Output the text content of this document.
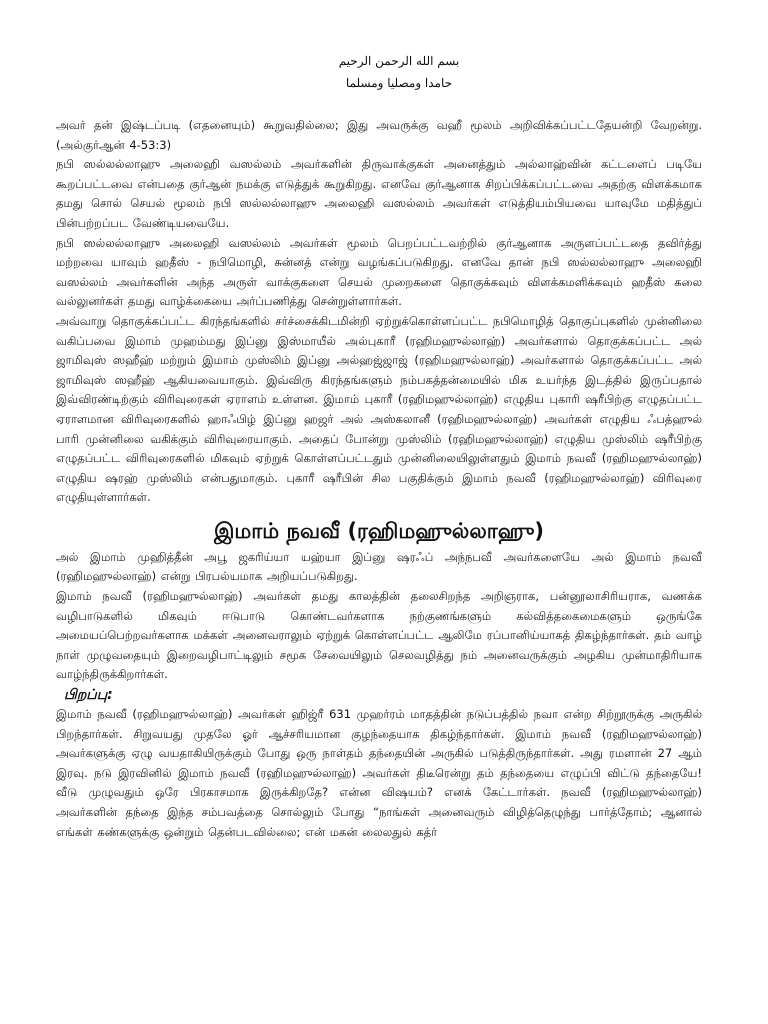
بسم الله الرحمن الرحيم
حامدا ومصليا ومسلما

அவர் தன் இஷ்டப்படி (எதனையும்) கூறுவதில்லை; இது அவருக்கு வஹீ மூலம் அறிவிக்கப்பட்டதேயன்றி வேறன்று. (அல்குர்ஆன் 4-53:3)

நபி ஸல்லல்லாஹு அலைஹி வஸல்லம் அவர்களின் திருவாக்குகள் அனைத்தும் அல்லாஹ்வின் கட்டளைப் படியே கூறப்பட்டவை என்பதை குர்ஆன் நமக்கு எடுத்துக் கூறுகிறது. எனவே குர்ஆனாக சிறப்பிக்கப்பட்டவை அதற்கு விளக்கமாக தமது சொல் செயல் மூலம் நபி ஸல்லல்லாஹு அலைஹி வஸல்லம் அவர்கள் எடுத்தியம்பியவை யாவுமே மதித்துப் பின்பற்றப்பட வேண்டியவையே.

நபி ஸல்லல்லாஹு அலைஹி வஸல்லம் அவர்கள் மூலம் பெறப்பட்டவற்றில் குர்ஆனாக அருளப்பட்டதை தவிர்த்து மற்றவை யாவும் ஹதீஸ் - நபிமொழி, சுன்னத் என்று வழங்கப்படுகிறது. எனவே தான் நபி ஸல்லல்லாஹு அலைஹி வஸல்லம் அவர்களின் அந்த அருள் வாக்குகளை செயல் முறைகளை தொகுக்கவும் விளக்கமளிக்கவும் ஹதீஸ் கலை வல்லுனர்கள் தமது வாழ்க்கையை அர்ப்பணித்து சென்றுள்ளார்கள்.

அவ்வாறு தொகுக்கப்பட்ட கிரந்தங்களில் சர்ச்சைக்கிடமின்றி ஏற்றுக்கொள்ளப்பட்ட நபிமொழித் தொகுப்புகளில் முன்னிலை வகிப்பவை இமாம் முஹம்மது இப்னு இஸ்மாயீல் அல்புகாரீ (ரஹிமஹுல்லாஹ்) அவர்களால் தொகுக்கப்பட்ட அல் ஜாமிவுஸ் ஸஹீஹ் மற்றும் இமாம் முஸ்லிம் இப்னு அல்ஹஜ்ஜாஜ் (ரஹிமஹுல்லாஹ்) அவர்களால் தொகுக்கப்பட்ட அல் ஜாமிவுஸ் ஸஹீஹ் ஆகியவையாகும். இவ்விரு கிரந்தங்களும் நம்பகத்தன்மையில் மிக உயர்ந்த இடத்தில் இருப்பதால் இவ்விரண்டிற்கும் விரிவுரைகள் ஏராளம் உள்ளன. இமாம் புகாரீ (ரஹிமஹுல்லாஹ்) எழுதிய புகாரி ஷரீபிற்கு எழுதப்பட்ட ஏராளமான விரிவுரைகளில் ஹாஃபிழ் இப்னு ஹஜர் அல் அஸ்கலானீ (ரஹிமஹுல்லாஹ்) அவர்கள் எழுதிய ஃபத்ஹுல் பாரி முன்னிலை வகிக்கும் விரிவுரையாகும். அதைப் போன்று முஸ்லிம் (ரஹிமஹுல்லாஹ்) எழுதிய முஸ்லிம் ஷரீபிற்கு எழுதப்பட்ட விரிவுரைகளில் மிகவும் ஏற்றுக் கொள்ளப்பட்டதும் முன்னிலையிலுள்ளதும் இமாம் நவவீ (ரஹிமஹுல்லாஹ்) எழுதிய ஷரஹ் முஸ்லிம் என்பதுமாகும். புகாரீ ஷரீபின் சில பகுதிக்கும் இமாம் நவவீ (ரஹிமஹுல்லாஹ்) விரிவுரை எழுதியுள்ளார்கள்.

இமாம் நவவீ (ரஹிமஹுல்லாஹு)

அல் இமாம் முஹித்தீன் அபூ ஜகரிய்யா யஹ்யா இப்னு ஷரஃப் அந்நபவீ அவர்களையே அல் இமாம் நவவீ (ரஹிமஹுல்லாஹ்) என்று பிரபல்யமாக அறியப்படுகிறது.

இமாம் நவவீ (ரஹிமஹுல்லாஹ்) அவர்கள் தமது காலத்தின் தலைசிறந்த அறிஞராக, பன்னூலாசிரியராக, வணக்க வழிபாடுகளில் மிகவும் ஈடுபாடு கொண்டவர்களாக நற்குணங்களும் கல்வித்தகைமைகளும் ஒருங்கே அமையப்பெற்றவர்களாக மக்கள் அனைவராலும் ஏற்றுக் கொள்ளப்பட்ட ஆலிமே ரப்பானிய்யாகத் திகழ்ந்தார்கள். தம் வாழ் நாள் முழுவதையும் இறைவழிபாட்டிலும் சமூக சேவையிலும் செலவழித்து நம் அனைவருக்கும் அழகிய முன்மாதிரியாக வாழ்ந்திருக்கிறார்கள்.

பிறப்பு:

இமாம் நவவீ (ரஹிமஹுல்லாஹ்) அவர்கள் ஹிஜ்ரீ 631 முஹர்ரம் மாதத்தின் நடுப்பத்தில் நவா என்ற சிற்றூருக்கு அருகில் பிறந்தார்கள். சிறுவயது முதலே ஓர் ஆச்சரியமான குழந்தையாக திகழ்ந்தார்கள். இமாம் நவவீ (ரஹிமஹுல்லாஹ்) அவர்களுக்கு ஏழு வயதாகியிருக்கும் போது ஒரு நாள்தம் தந்தையின் அருகில் படுத்திருந்தார்கள். அது ரமளான் 27 ஆம் இரவு. நடு இரவினில் இமாம் நவவீ (ரஹிமஹுல்லாஹ்) அவர்கள் திடீரென்று தம் தந்தையை எழுப்பி விட்டு தந்தையே! வீடு முழுவதும் ஒரே பிரகாசமாக இருக்கிறதே? என்ன விஷயம்? எனக் கேட்டார்கள். நவவீ (ரஹிமஹுல்லாஹ்) அவர்களின் தந்தை இந்த சம்பவத்தை சொல்லும் போது “நாங்கள் அனைவரும் விழித்தெழுந்து பார்த்தோம்; ஆனால் எங்கள் கண்களுக்கு ஒன்றும் தென்படவில்லை; என் மகன் லைலதுல் கத்ர்
